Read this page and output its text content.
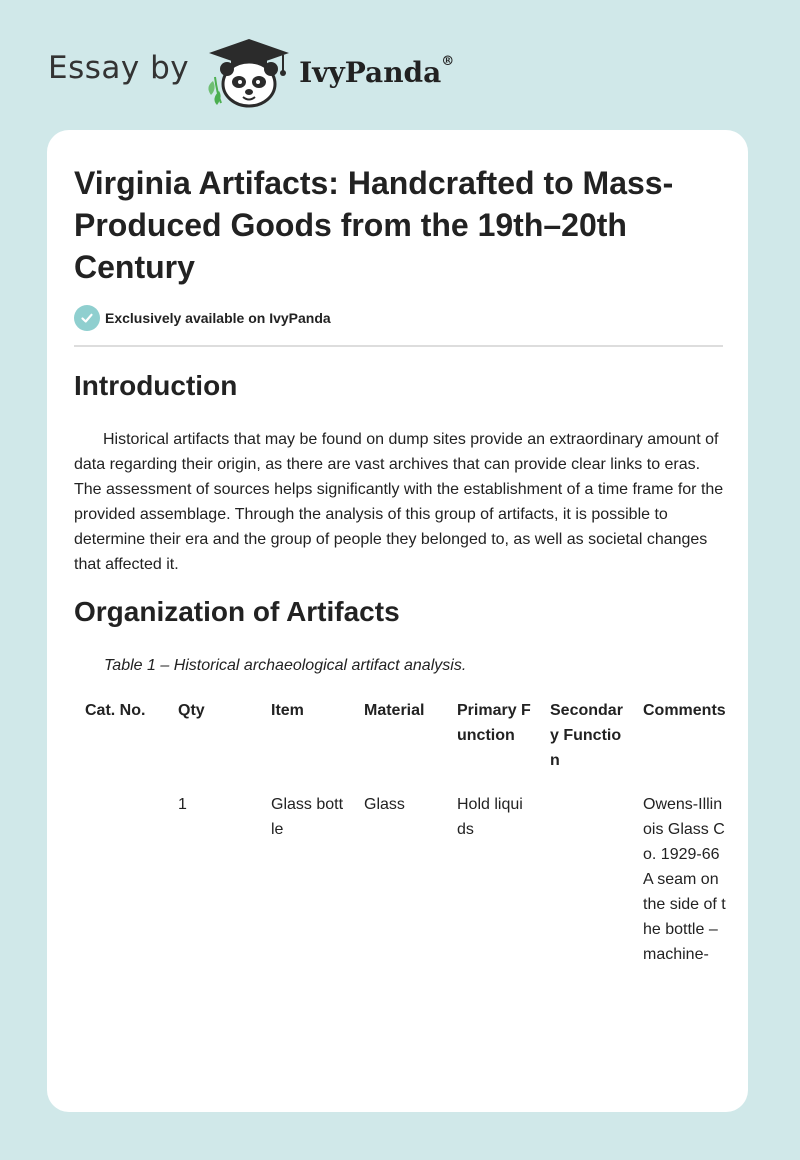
Essay by	IvyPanda®
Virginia Artifacts: Handcrafted to Mass-Produced Goods from the 19th–20th Century
Exclusively available on IvyPanda
Introduction

Historical artifacts that may be found on dump sites provide an extraordinary amount of data regarding their origin, as there are vast archives that can provide clear links to eras. The assessment of sources helps significantly with the establishment of a time frame for the provided assemblage. Through the analysis of this group of artifacts, it is possible to determine their era and the group of people they belonged to, as well as societal changes that affected it.

Organization of Artifacts
Table 1 – Historical archaeological artifact analysis.
Cat. No.	Qty	Item	Material	Primary Function	Secondary Function	Comments
	1	Glass bottle	Glass	Hold liquids		Owens-Illinois Glass Co. 1929-66A seam on the side of the bottle – machine-
